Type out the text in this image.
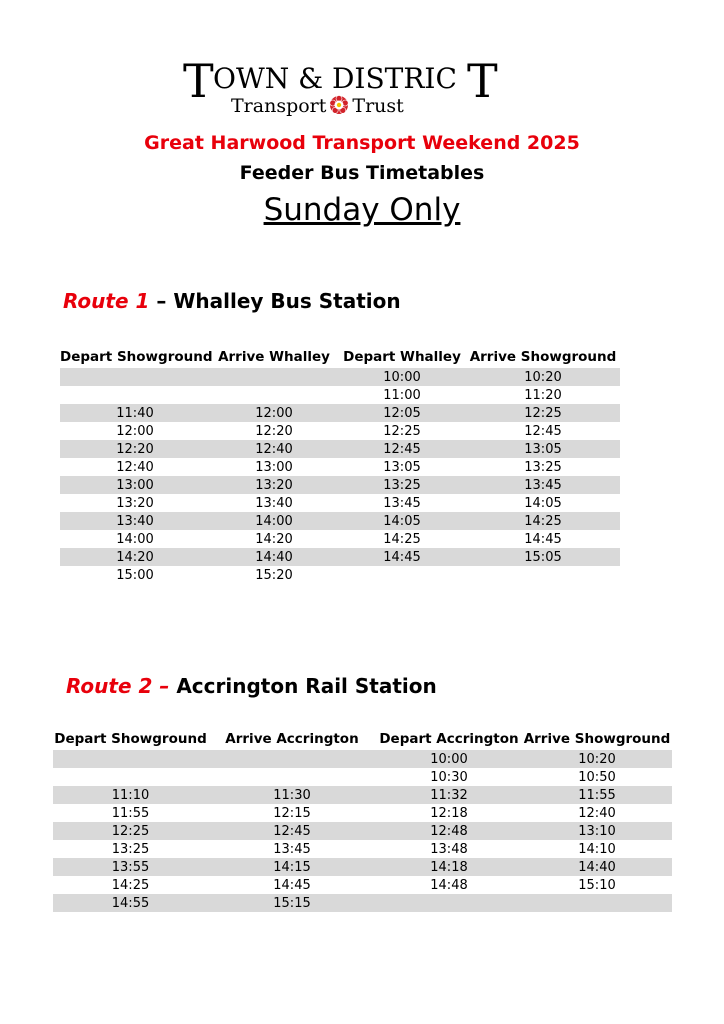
T OWN & DISTRIC T
Transport Trust
Great Harwood Transport Weekend 2025
Feeder Bus Timetables
Sunday Only
Route 1 – Whalley Bus Station
Depart Showground	Arrive Whalley	Depart Whalley	Arrive Showground
		10:00	10:20
		11:00	11:20
11:40	12:00	12:05	12:25
12:00	12:20	12:25	12:45
12:20	12:40	12:45	13:05
12:40	13:00	13:05	13:25
13:00	13:20	13:25	13:45
13:20	13:40	13:45	14:05
13:40	14:00	14:05	14:25
14:00	14:20	14:25	14:45
14:20	14:40	14:45	15:05
15:00	15:20		
Route 2 – Accrington Rail Station
Depart Showground	Arrive Accrington	Depart Accrington	Arrive Showground
		10:00	10:20
		10:30	10:50
11:10	11:30	11:32	11:55
11:55	12:15	12:18	12:40
12:25	12:45	12:48	13:10
13:25	13:45	13:48	14:10
13:55	14:15	14:18	14:40
14:25	14:45	14:48	15:10
14:55	15:15		
